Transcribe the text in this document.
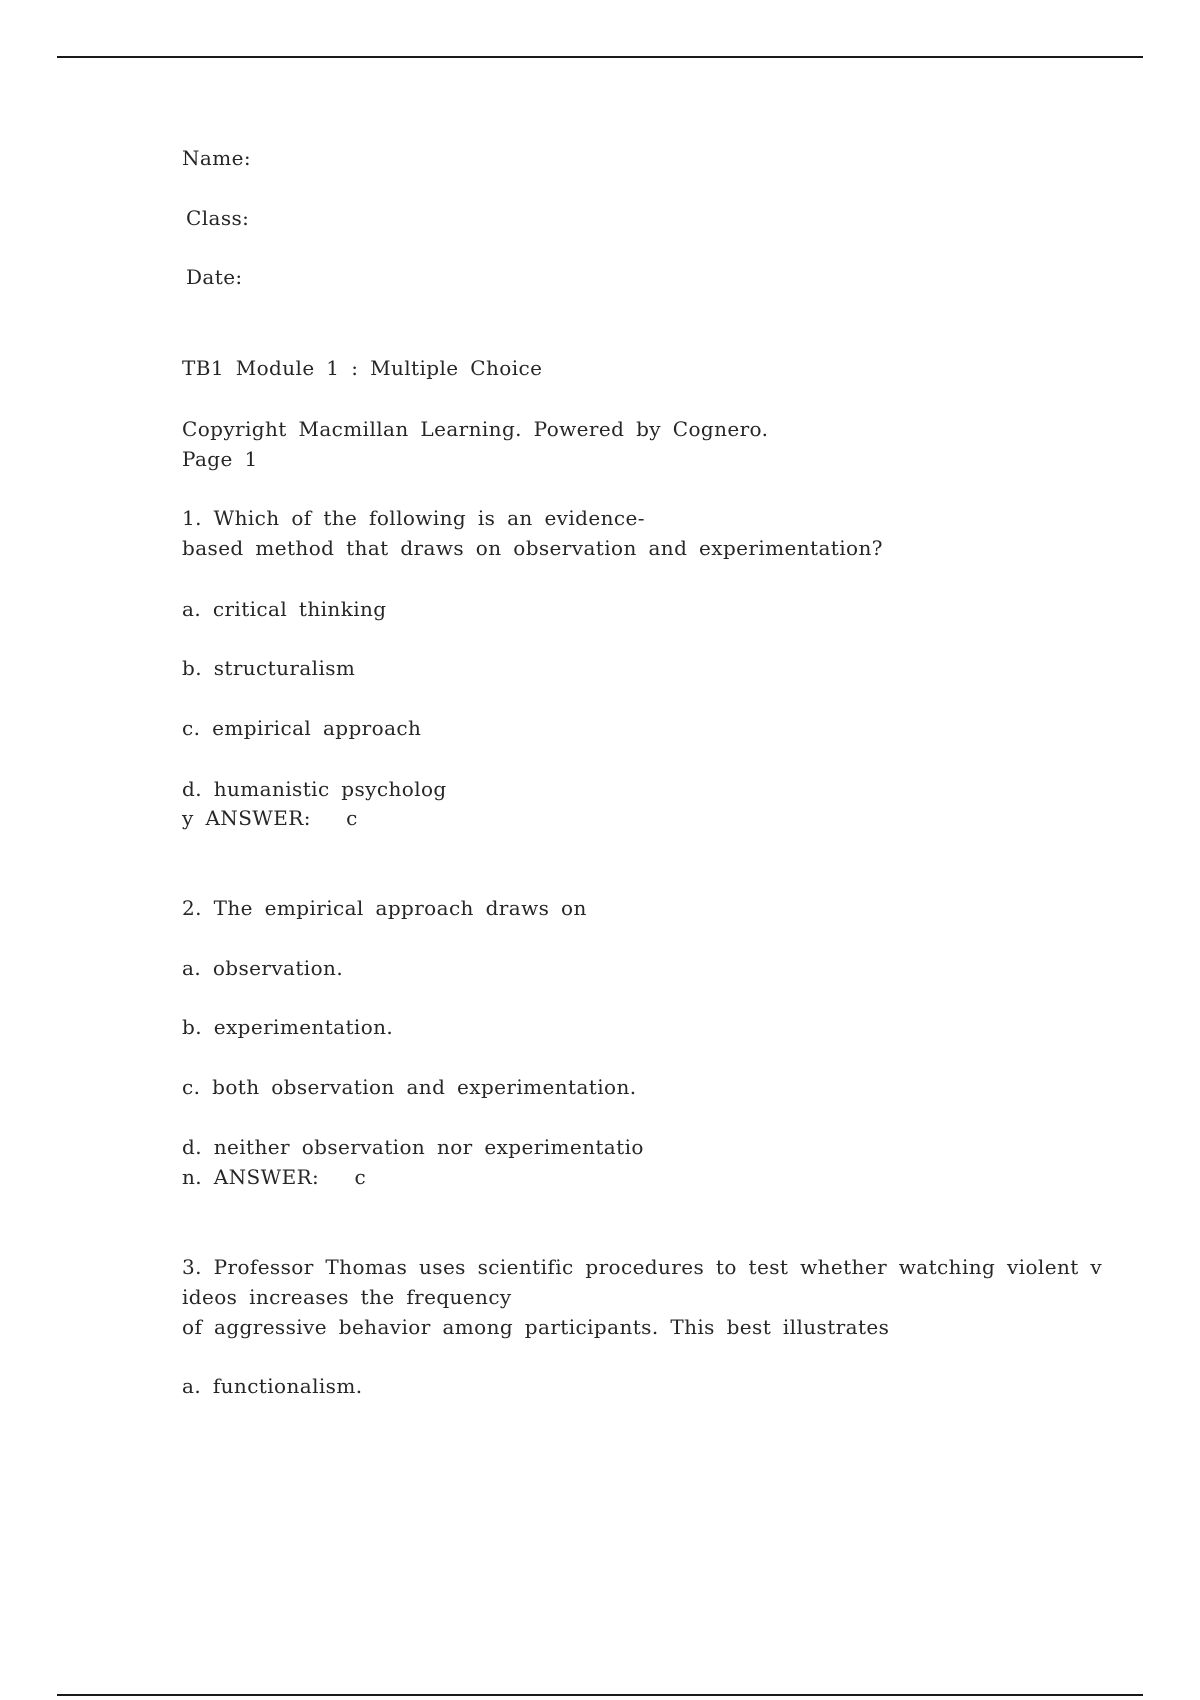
Name:
Class:
Date:
TB1 Module 1 : Multiple Choice
Copyright Macmillan Learning. Powered by Cognero.
Page 1
1. Which of the following is an evidence-
based method that draws on observation and experimentation?
a. critical thinking
b. structuralism
c. empirical approach
d. humanistic psycholog
y ANSWER:   c
2. The empirical approach draws on
a. observation.
b. experimentation.
c. both observation and experimentation.
d. neither observation nor experimentatio
n. ANSWER:   c
3. Professor Thomas uses scientific procedures to test whether watching violent v
ideos increases the frequency
of aggressive behavior among participants. This best illustrates
a. functionalism.
